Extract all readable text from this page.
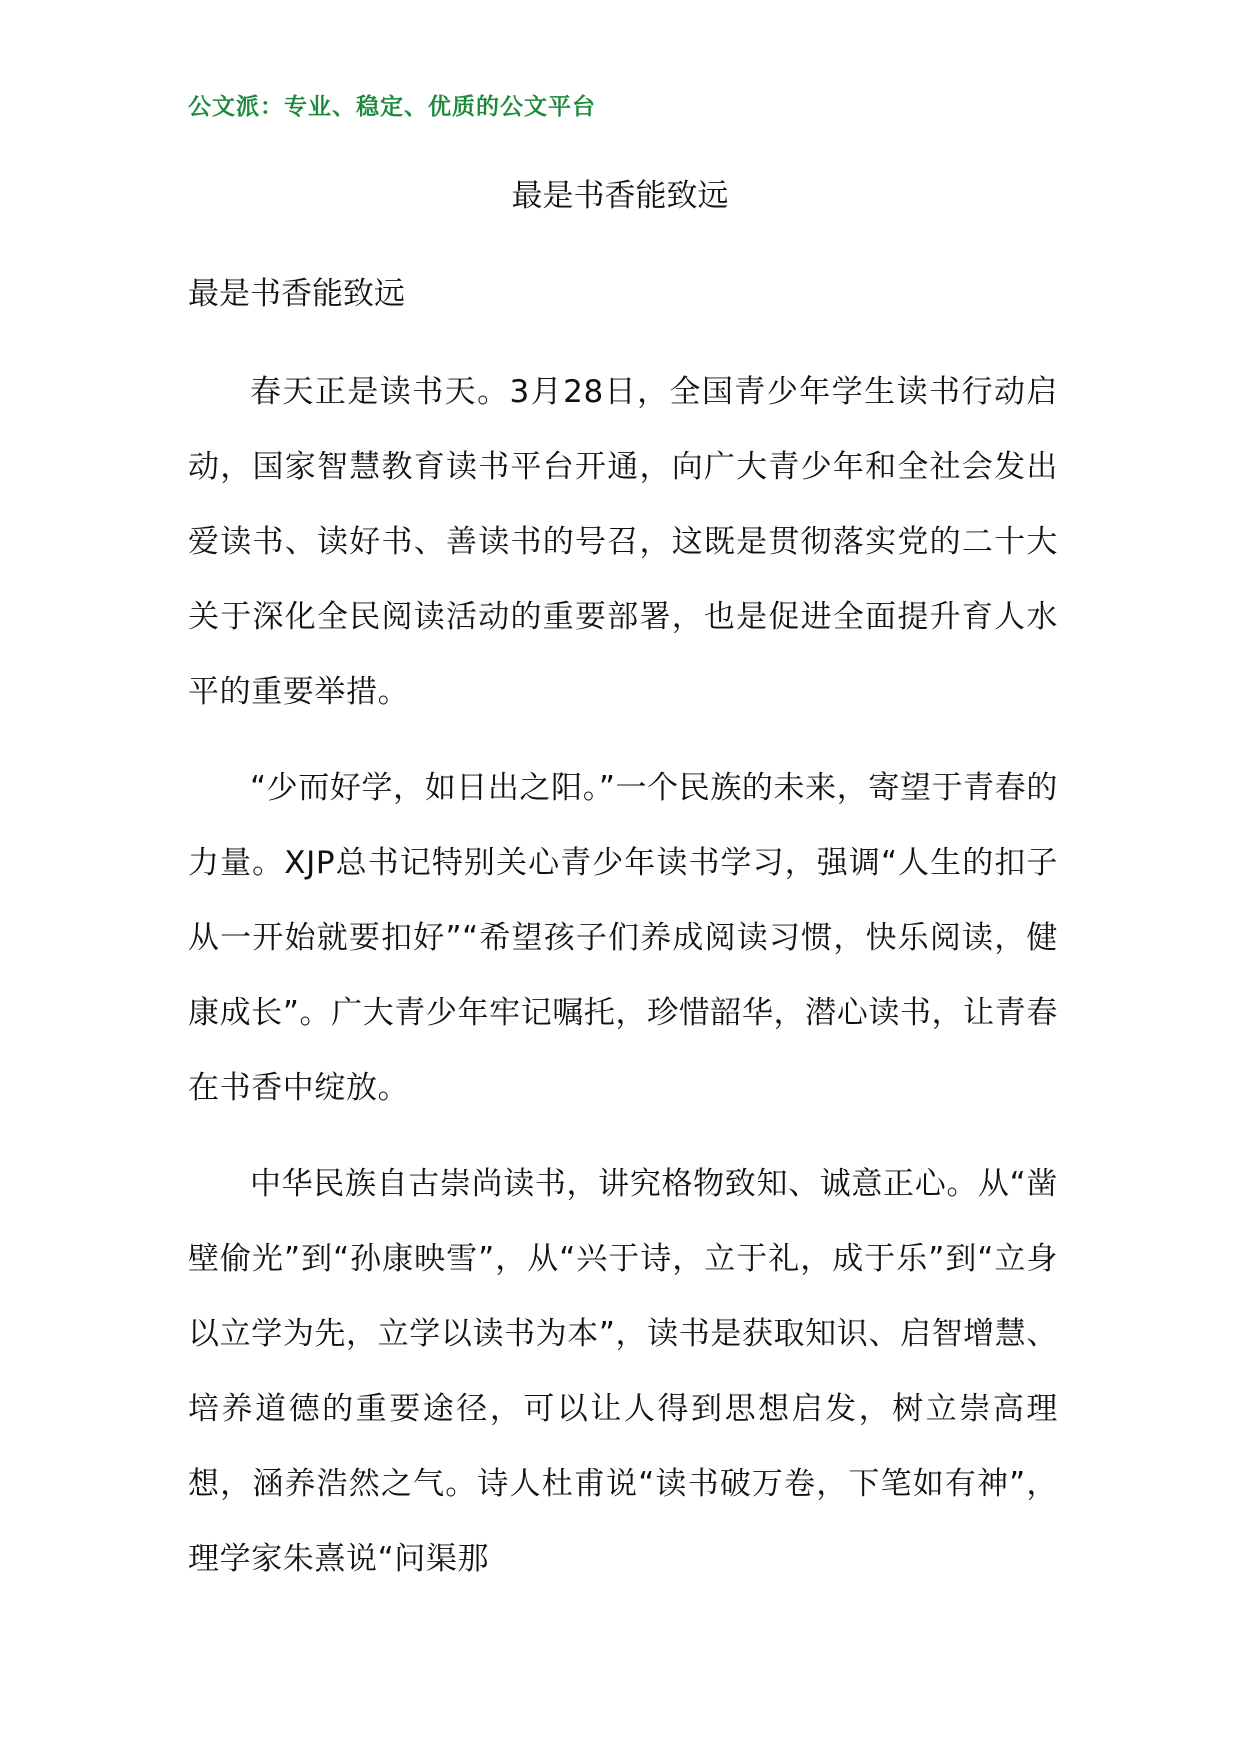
公文派：专业、稳定、优质的公文平台
最是书香能致远
最是书香能致远

春天正是读书天。3月28日，全国青少年学生读书行动启动，国家智慧教育读书平台开通，向广大青少年和全社会发出爱读书、读好书、善读书的号召，这既是贯彻落实党的二十大关于深化全民阅读活动的重要部署，也是促进全面提升育人水平的重要举措。

“少而好学，如日出之阳。”一个民族的未来，寄望于青春的力量。XJP总书记特别关心青少年读书学习，强调“人生的扣子从一开始就要扣好”“希望孩子们养成阅读习惯，快乐阅读，健康成长”。广大青少年牢记嘱托，珍惜韶华，潜心读书，让青春在书香中绽放。

中华民族自古崇尚读书，讲究格物致知、诚意正心。从“凿壁偷光”到“孙康映雪”，从“兴于诗，立于礼，成于乐”到“立身以立学为先，立学以读书为本”，读书是获取知识、启智增慧、培养道德的重要途径，可以让人得到思想启发，树立崇高理想，涵养浩然之气。诗人杜甫说“读书破万卷，下笔如有神”，理学家朱熹说“问渠那
